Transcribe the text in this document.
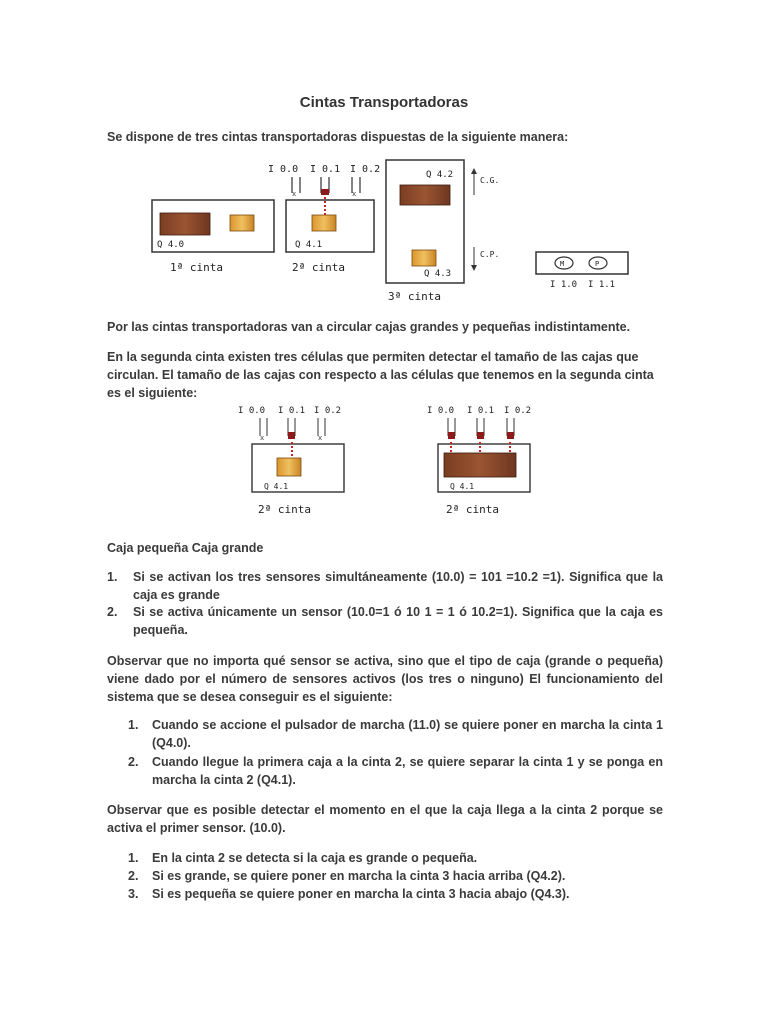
Cintas Transportadoras
Se dispone de tres cintas transportadoras dispuestas de la siguiente manera:
Q 4.0
1ª cinta
I 0.0 I 0.1 I 0.2
x	x
Q 4.1
2ª cinta
Q 4.2
Q 4.3
C.G.
C.P.
3ª cinta
M	P
I 1.0 I 1.1
Por las cintas transportadoras van a circular cajas grandes y pequeñas indistintamente.
En la segunda cinta existen tres células que permiten detectar el tamaño de las cajas que circulan. El tamaño de las cajas con respecto a las células que tenemos en la segunda cinta es el siguiente:
I 0.0 I 0.1 I 0.2
x	x
Q 4.1
2ª cinta
I 0.0 I 0.1 I 0.2
Q 4.1
2ª cinta
Caja pequeña Caja grande
1.	Si se activan los tres sensores simultáneamente (10.0) = 101 =10.2 =1). Significa que la caja es grande
2.	Si se activa únicamente un sensor (10.0=1 ó 10 1 = 1 ó 10.2=1). Significa que la caja es pequeña.
Observar que no importa qué sensor se activa, sino que el tipo de caja (grande o pequeña) viene dado por el número de sensores activos (los tres o ninguno) El funcionamiento del sistema que se desea conseguir es el siguiente:
1.	Cuando se accione el pulsador de marcha (11.0) se quiere poner en marcha la cinta 1 (Q4.0).
2.	Cuando llegue la primera caja a la cinta 2, se quiere separar la cinta 1 y se ponga en marcha la cinta 2 (Q4.1).
Observar que es posible detectar el momento en el que la caja llega a la cinta 2 porque se activa el primer sensor. (10.0).
1.	En la cinta 2 se detecta si la caja es grande o pequeña.
2.	Si es grande, se quiere poner en marcha la cinta 3 hacia arriba (Q4.2).
3.	Si es pequeña se quiere poner en marcha la cinta 3 hacia abajo (Q4.3).
